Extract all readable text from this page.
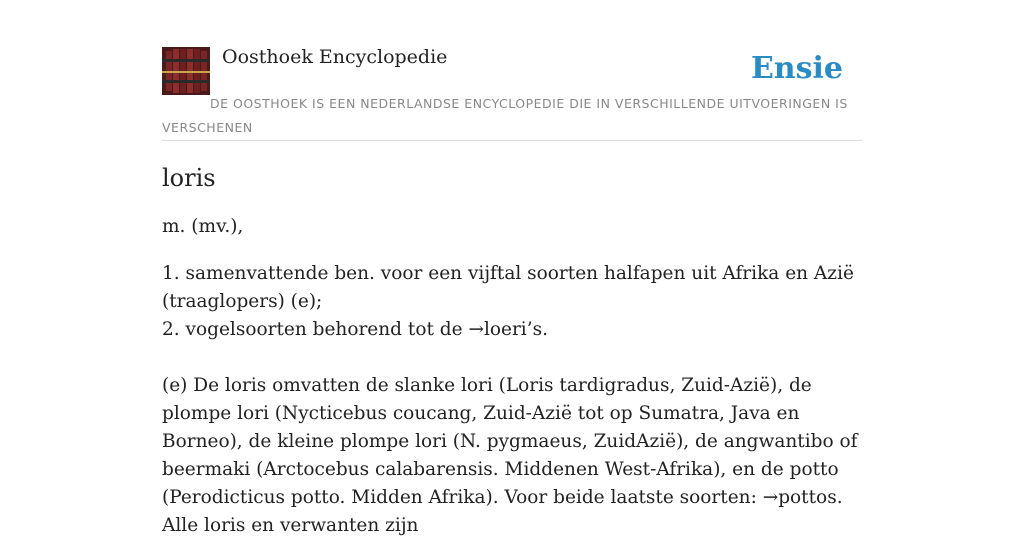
Oosthoek Encyclopedie	Ensie
DE OOSTHOEK IS EEN NEDERLANDSE ENCYCLOPEDIE DIE IN VERSCHILLENDE UITVOERINGEN IS VERSCHENEN
loris

m. (mv.),

1. samenvattende ben. voor een vijftal soorten halfapen uit Afrika en Azië (traaglopers) (e);
2. vogelsoorten behorend tot de →loeri’s.

(e) De loris omvatten de slanke lori (Loris tardigradus, Zuid-Azië), de plompe lori (Nycticebus coucang, Zuid-Azië tot op Sumatra, Java en Borneo), de kleine plompe lori (N. pygmaeus, ZuidAzië), de angwantibo of beermaki (Arctocebus calabarensis. Middenen West-Afrika), en de potto (Perodicticus potto. Midden Afrika). Voor beide laatste soorten: →pottos. Alle loris en verwanten zijn
